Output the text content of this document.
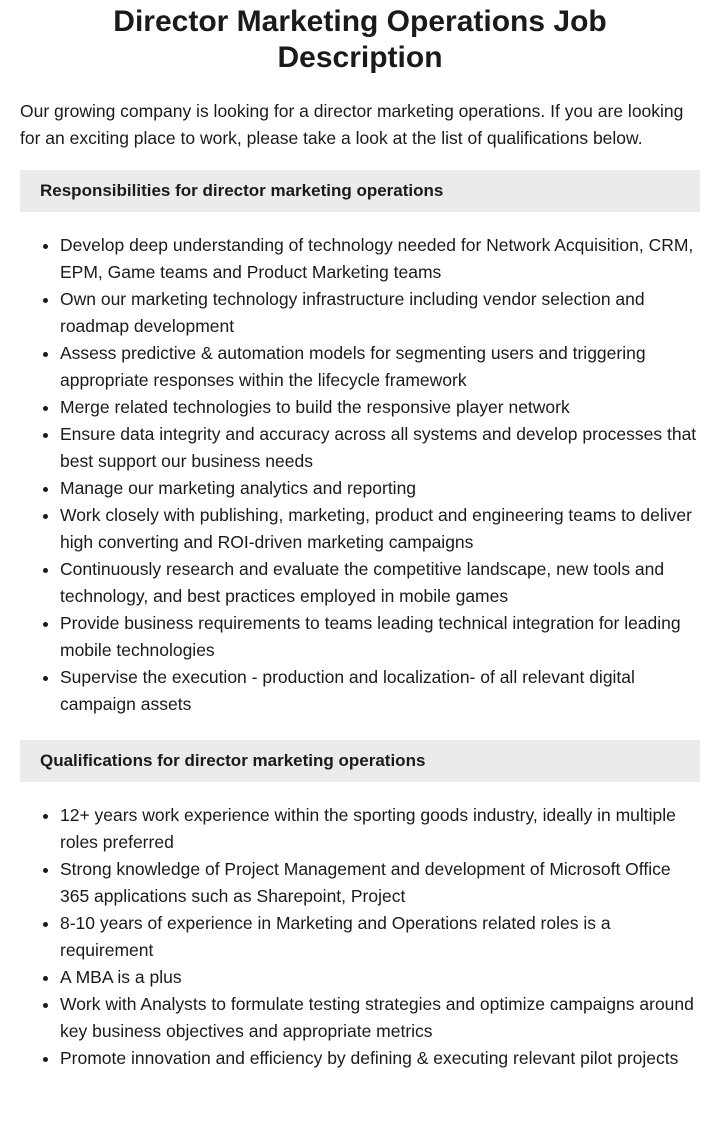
Director Marketing Operations Job Description

Our growing company is looking for a director marketing operations. If you are looking for an exciting place to work, please take a look at the list of qualifications below.

Responsibilities for director marketing operations
• Develop deep understanding of technology needed for Network Acquisition, CRM, EPM, Game teams and Product Marketing teams
• Own our marketing technology infrastructure including vendor selection and roadmap development
• Assess predictive & automation models for segmenting users and triggering appropriate responses within the lifecycle framework
• Merge related technologies to build the responsive player network
• Ensure data integrity and accuracy across all systems and develop processes that best support our business needs
• Manage our marketing analytics and reporting
• Work closely with publishing, marketing, product and engineering teams to deliver high converting and ROI-driven marketing campaigns
• Continuously research and evaluate the competitive landscape, new tools and technology, and best practices employed in mobile games
• Provide business requirements to teams leading technical integration for leading mobile technologies
• Supervise the execution - production and localization- of all relevant digital campaign assets
Qualifications for director marketing operations
• 12+ years work experience within the sporting goods industry, ideally in multiple roles preferred
• Strong knowledge of Project Management and development of Microsoft Office 365 applications such as Sharepoint, Project
• 8-10 years of experience in Marketing and Operations related roles is a requirement
• A MBA is a plus
• Work with Analysts to formulate testing strategies and optimize campaigns around key business objectives and appropriate metrics
• Promote innovation and efficiency by defining & executing relevant pilot projects
